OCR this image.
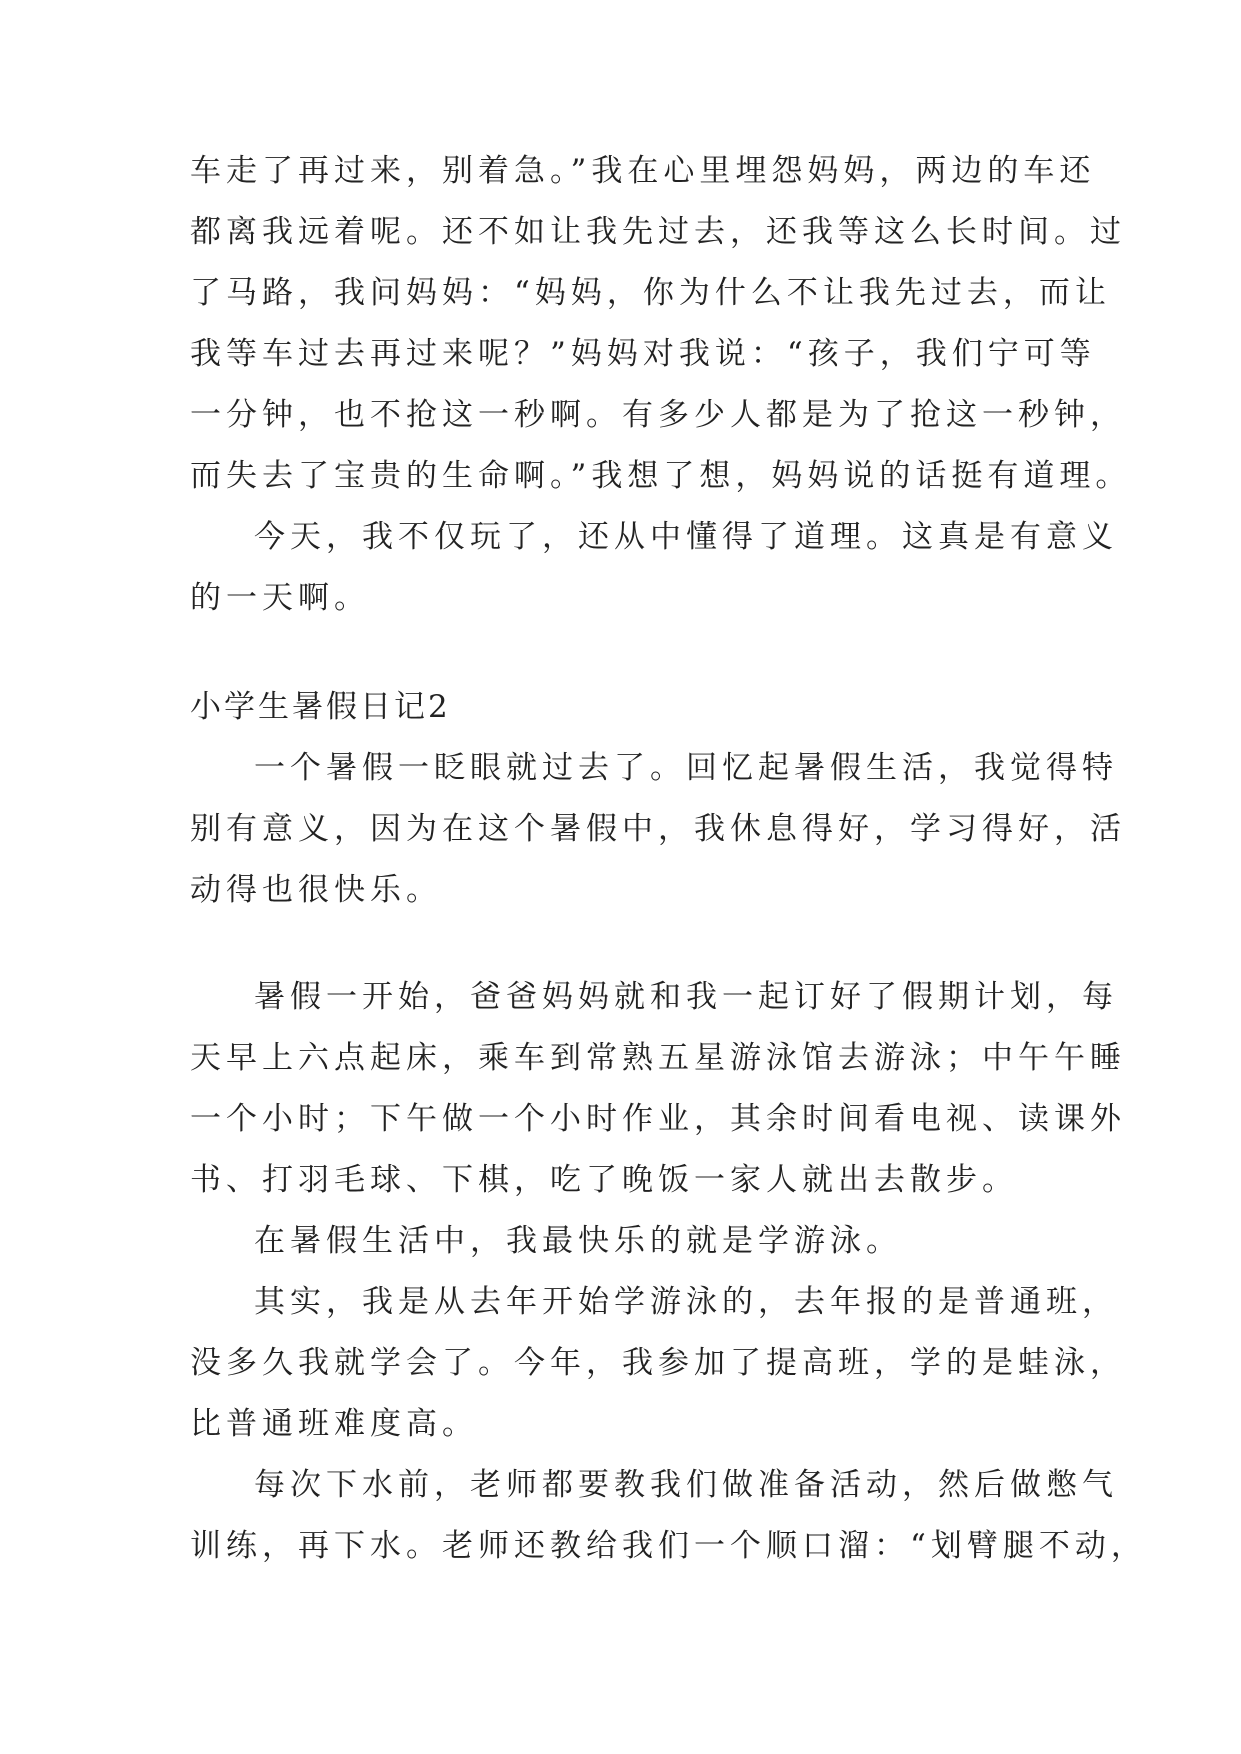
车走了再过来，别着急。”我在心里埋怨妈妈，两边的车还
都离我远着呢。还不如让我先过去，还我等这么长时间。过
了马路，我问妈妈：“妈妈，你为什么不让我先过去，而让
我等车过去再过来呢？”妈妈对我说：“孩子，我们宁可等
一分钟，也不抢这一秒啊。有多少人都是为了抢这一秒钟，
而失去了宝贵的生命啊。”我想了想，妈妈说的话挺有道理。
今天，我不仅玩了，还从中懂得了道理。这真是有意义
的一天啊。
小学生暑假日记2
一个暑假一眨眼就过去了。回忆起暑假生活，我觉得特
别有意义，因为在这个暑假中，我休息得好，学习得好，活
动得也很快乐。
暑假一开始，爸爸妈妈就和我一起订好了假期计划，每
天早上六点起床，乘车到常熟五星游泳馆去游泳；中午午睡
一个小时；下午做一个小时作业，其余时间看电视、读课外
书、打羽毛球、下棋，吃了晚饭一家人就出去散步。
在暑假生活中，我最快乐的就是学游泳。
其实，我是从去年开始学游泳的，去年报的是普通班，
没多久我就学会了。今年，我参加了提高班，学的是蛙泳，
比普通班难度高。
每次下水前，老师都要教我们做准备活动，然后做憋气
训练，再下水。老师还教给我们一个顺口溜：“划臂腿不动，
